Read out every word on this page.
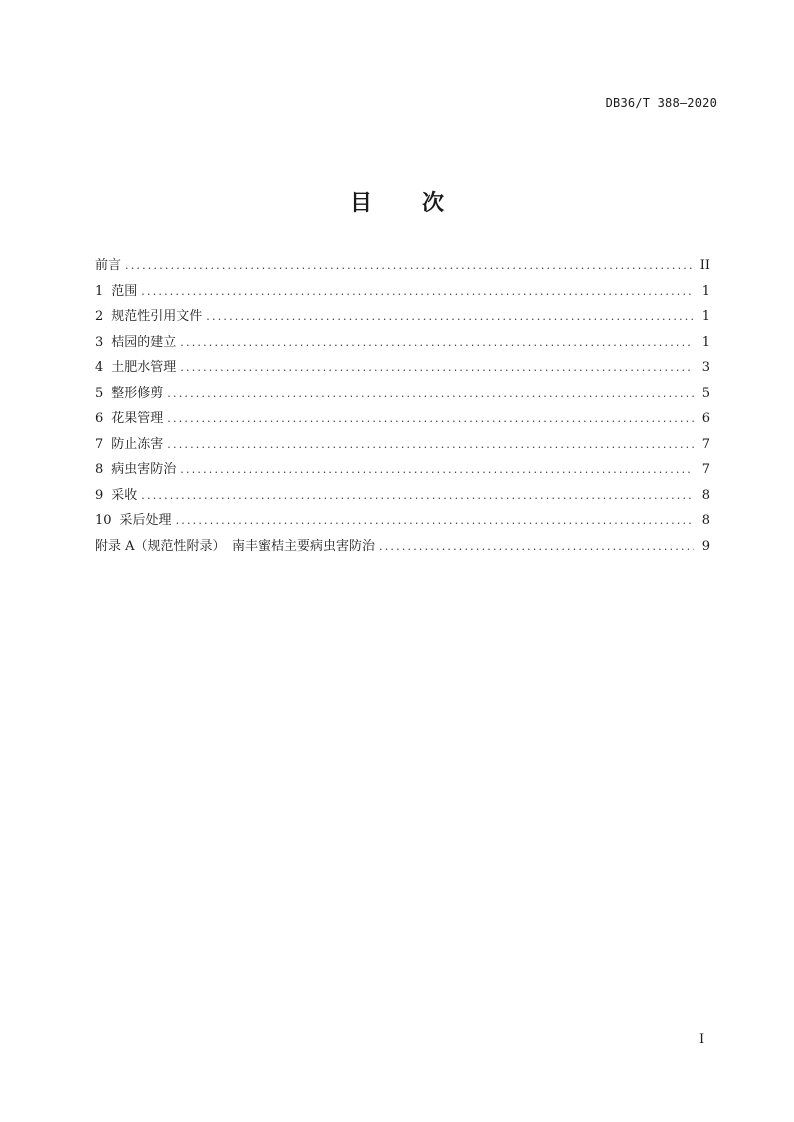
DB36/T 388—2020
目 次
前言 .....	II
1 范围 .....	1
2 规范性引用文件 .....	1
3 桔园的建立 .....	1
4 土肥水管理 .....	3
5 整形修剪 .....	5
6 花果管理 .....	6
7 防止冻害 .....	7
8 病虫害防治 .....	7
9 采收 .....	8
10 采后处理 .....	8
附录 A（规范性附录）　南丰蜜桔主要病虫害防治 .....	9
I
